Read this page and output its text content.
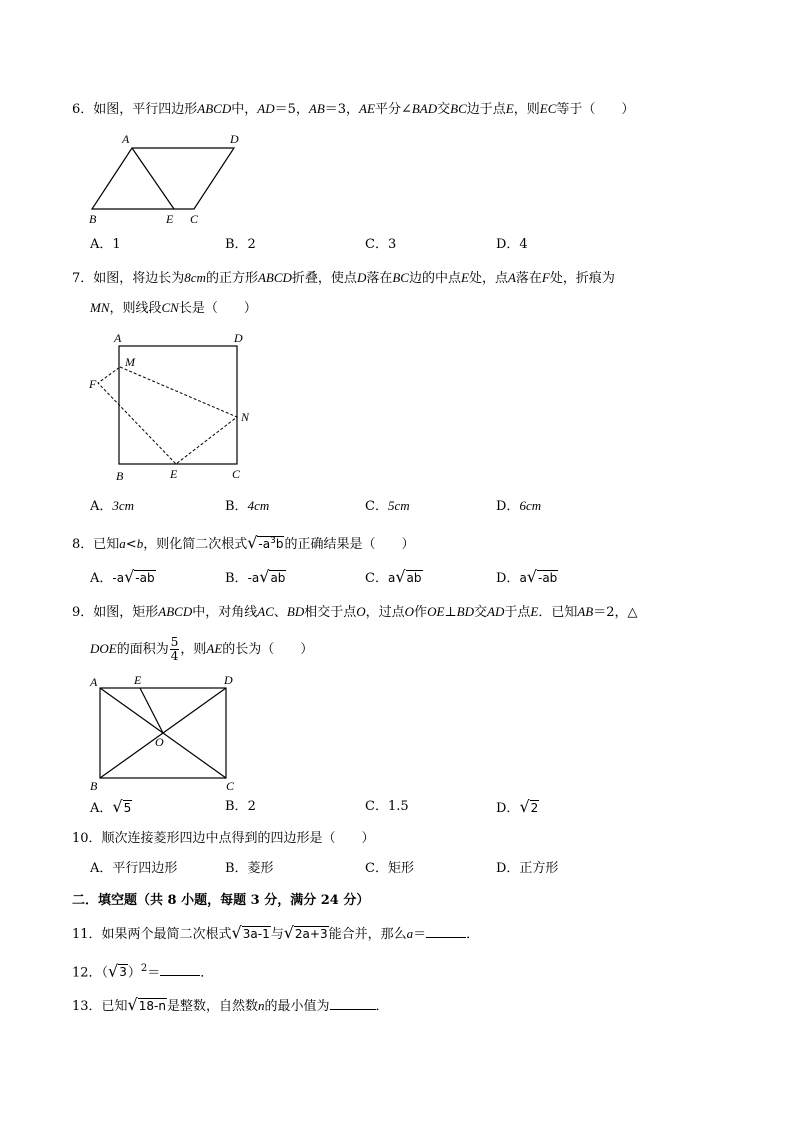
6．如图，平行四边形ABCD中，AD＝5，AB＝3，AE平分∠BAD交BC边于点E，则EC等于（　　）
A	D
B	E C
A．1	B．2	C．3	D．4
7．如图，将边长为8cm的正方形ABCD折叠，使点D落在BC边的中点E处，点A落在F处，折痕为
MN，则线段CN长是（　　）
A	D
M
F
N
B	E	C
A．3cm	B．4cm	C．5cm	D．6cm
8．已知a<b，则化简二次根式$√-a^3b$的正确结果是（　　）
A．-a√-ab	B．-a√ab	C．a√ab	D．a√-ab
9．如图，矩形ABCD中，对角线AC、BD相交于点O，过点O作OE⊥BD交AD于点E．已知AB＝2，△
DOE的面积为 $\frac{5}{4}$ ，则AE的长为（　　）
A	E	D
O
B	C
A．√5	B．2	C．1.5	D．√2
10．顺次连接菱形四边中点得到的四边形是（　　）
A．平行四边形	B．菱形	C．矩形	D．正方形
二．填空题（共 8 小题，每题 3 分，满分 24 分）
11．如果两个最简二次根式√3a-1与√2a+3能合并，那么a＝	．
12．$(√3)^2=$	．
13．已知√18-n是整数，自然数n的最小值为	．
